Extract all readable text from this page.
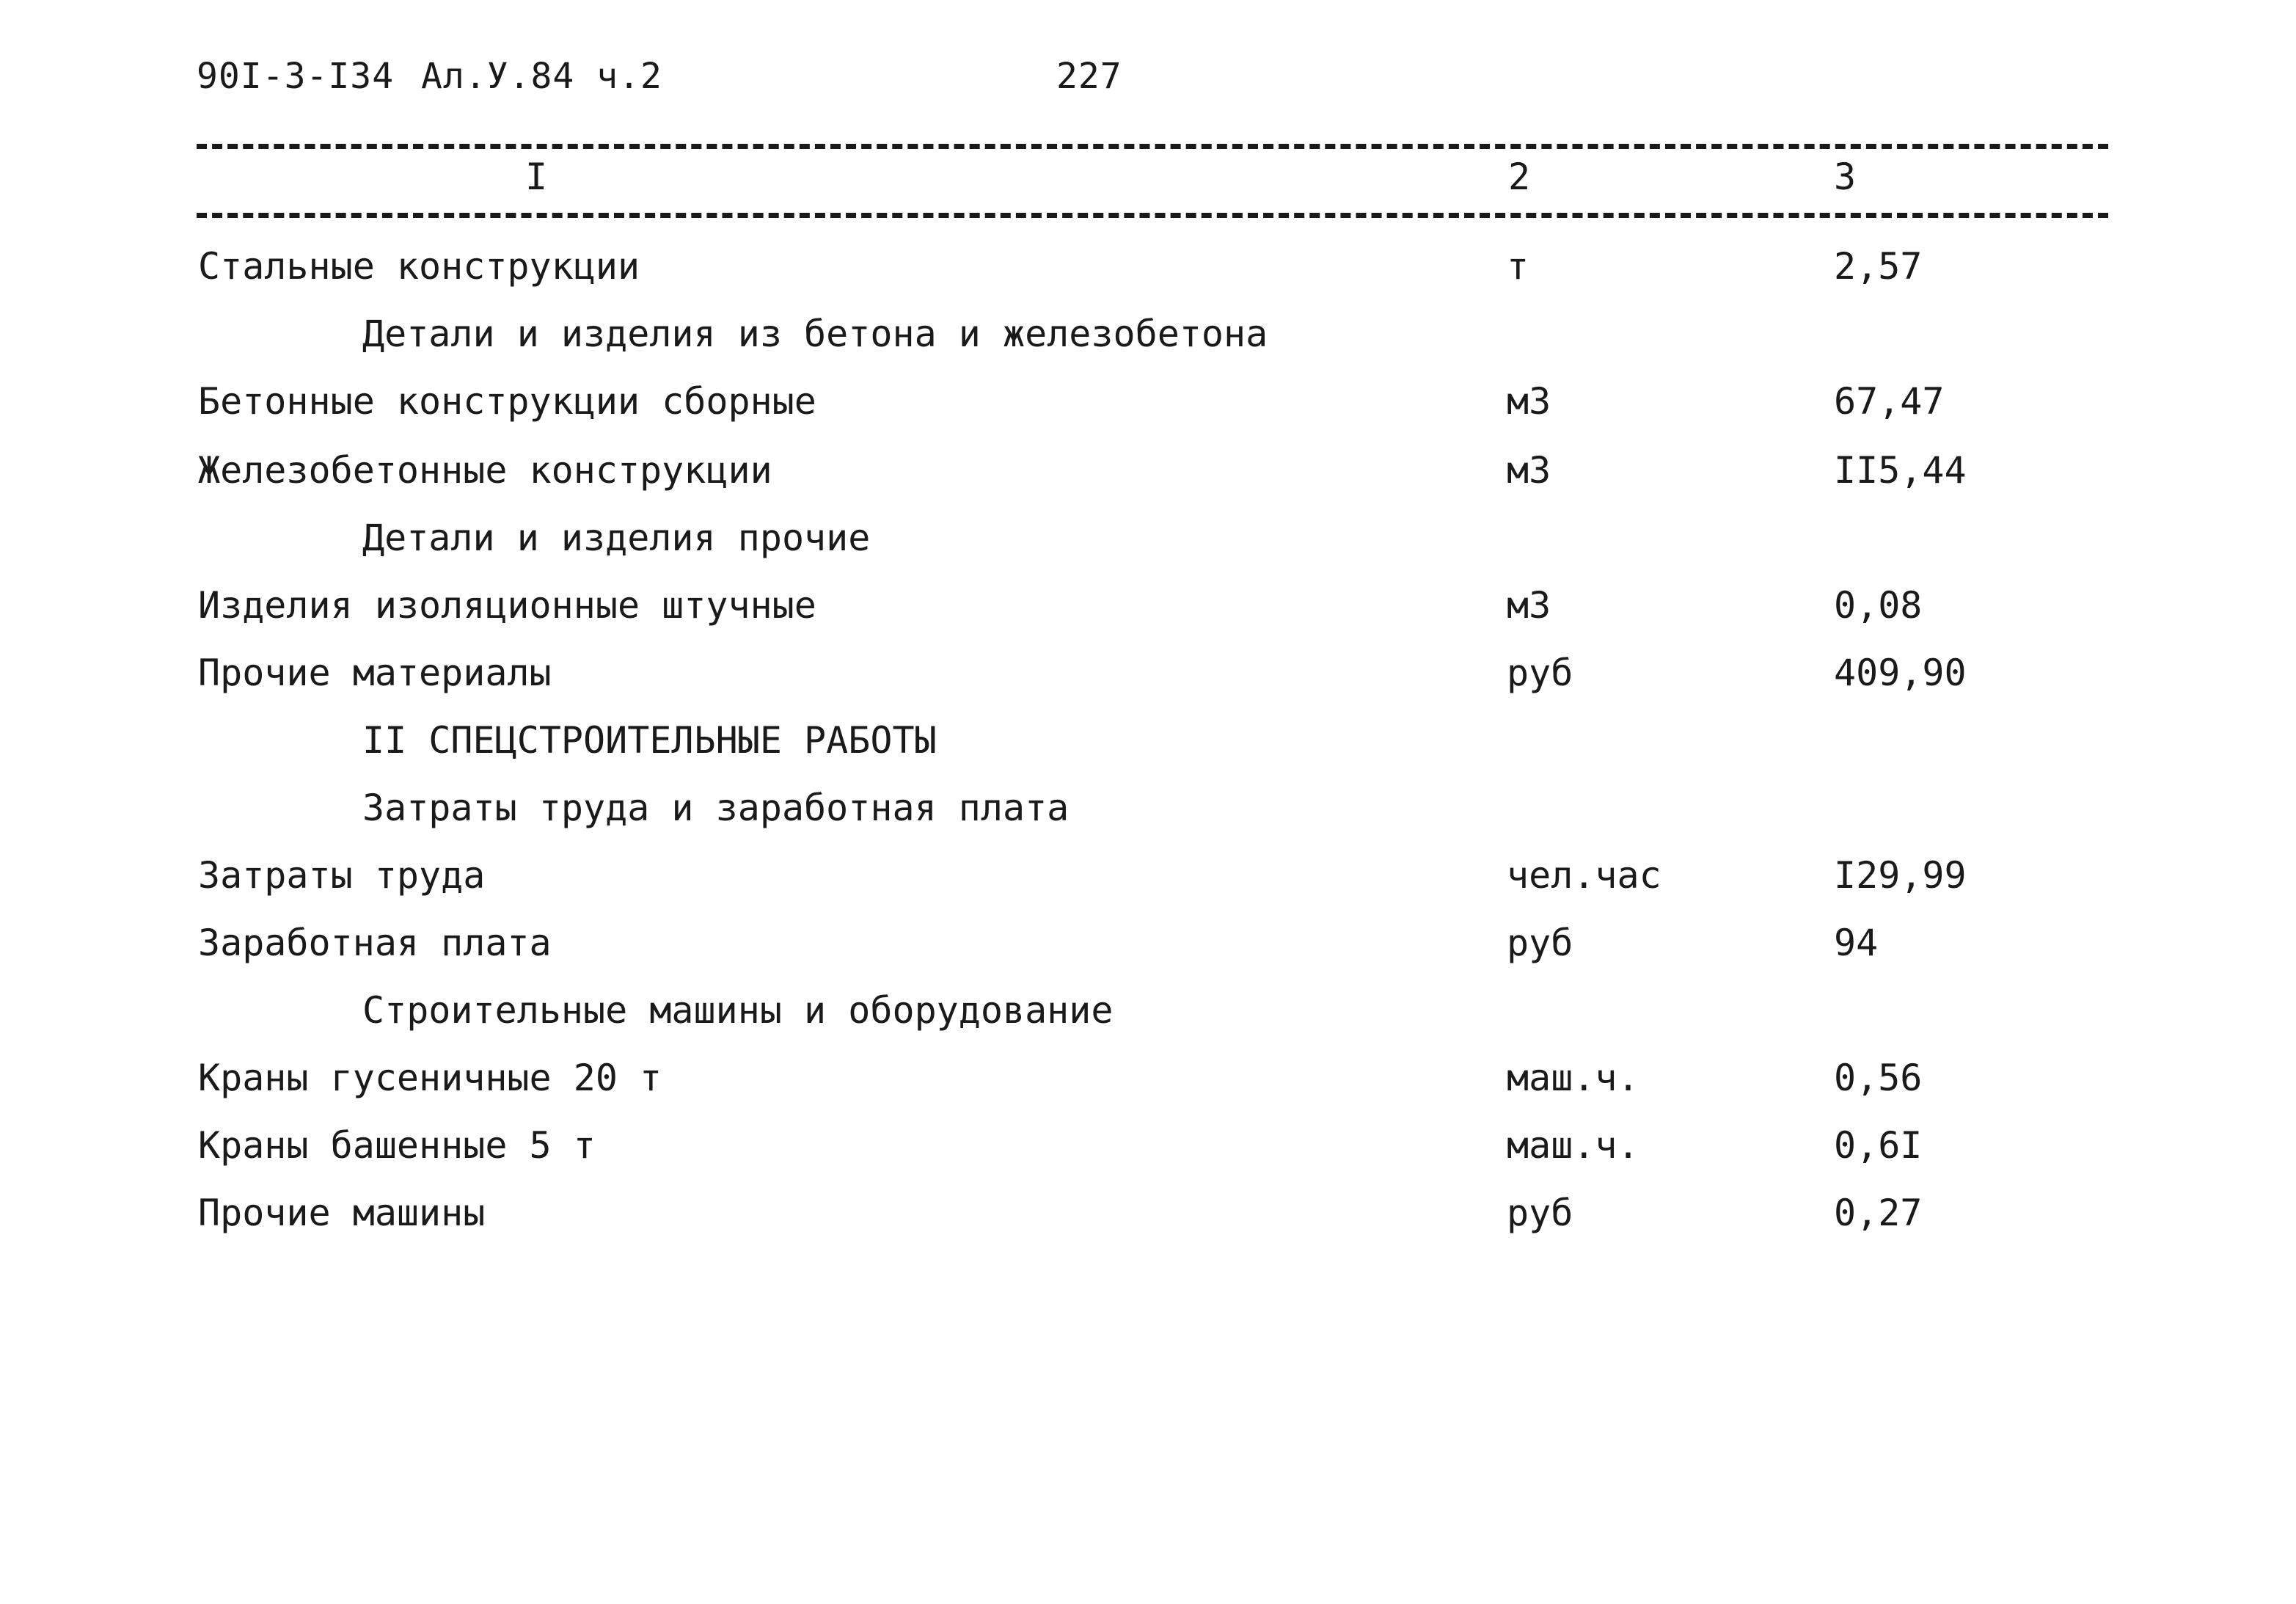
90I-3-I34 Ал.У.84 ч.2	227
I	2	3
Стальные конструкции	т	2,57
Детали и изделия из бетона и железобетона
Бетонные конструкции сборные	м3	67,47
Железобетонные конструкции	м3	II5,44
Детали и изделия прочие
Изделия изоляционные штучные	м3	0,08
Прочие материалы	руб	409,90
II СПЕЦСТРОИТЕЛЬНЫЕ РАБОТЫ
Затраты труда и заработная плата
Затраты труда	чел.час	I29,99
Заработная плата	руб	94
Строительные машины и оборудование
Краны гусеничные 20 т	маш.ч.	0,56
Краны башенные 5 т	маш.ч.	0,6I
Прочие машины	руб	0,27
